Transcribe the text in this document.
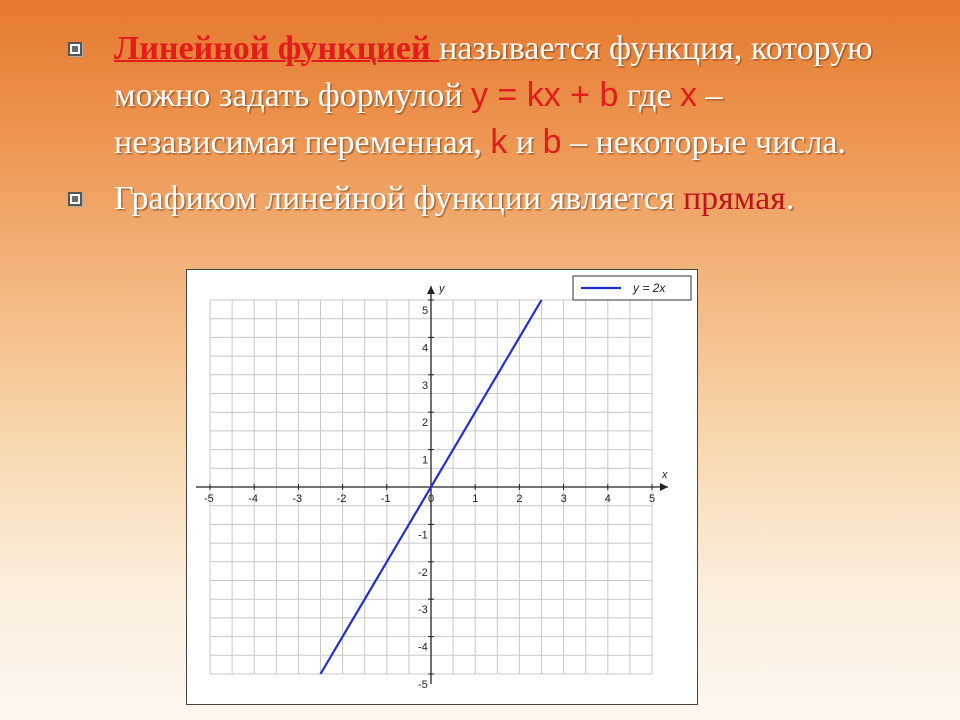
Линейной функцией называется функция, которую можно задать формулой y = kx + b где x – независимая переменная, k и b – некоторые числа.
Графиком линейной функции является прямая.
x
y
-5	-4	-3	-2	-1	0	1	2	3	4	5
-5
-4
-3
-2
-1
1
2
3
4
5
y = 2x
